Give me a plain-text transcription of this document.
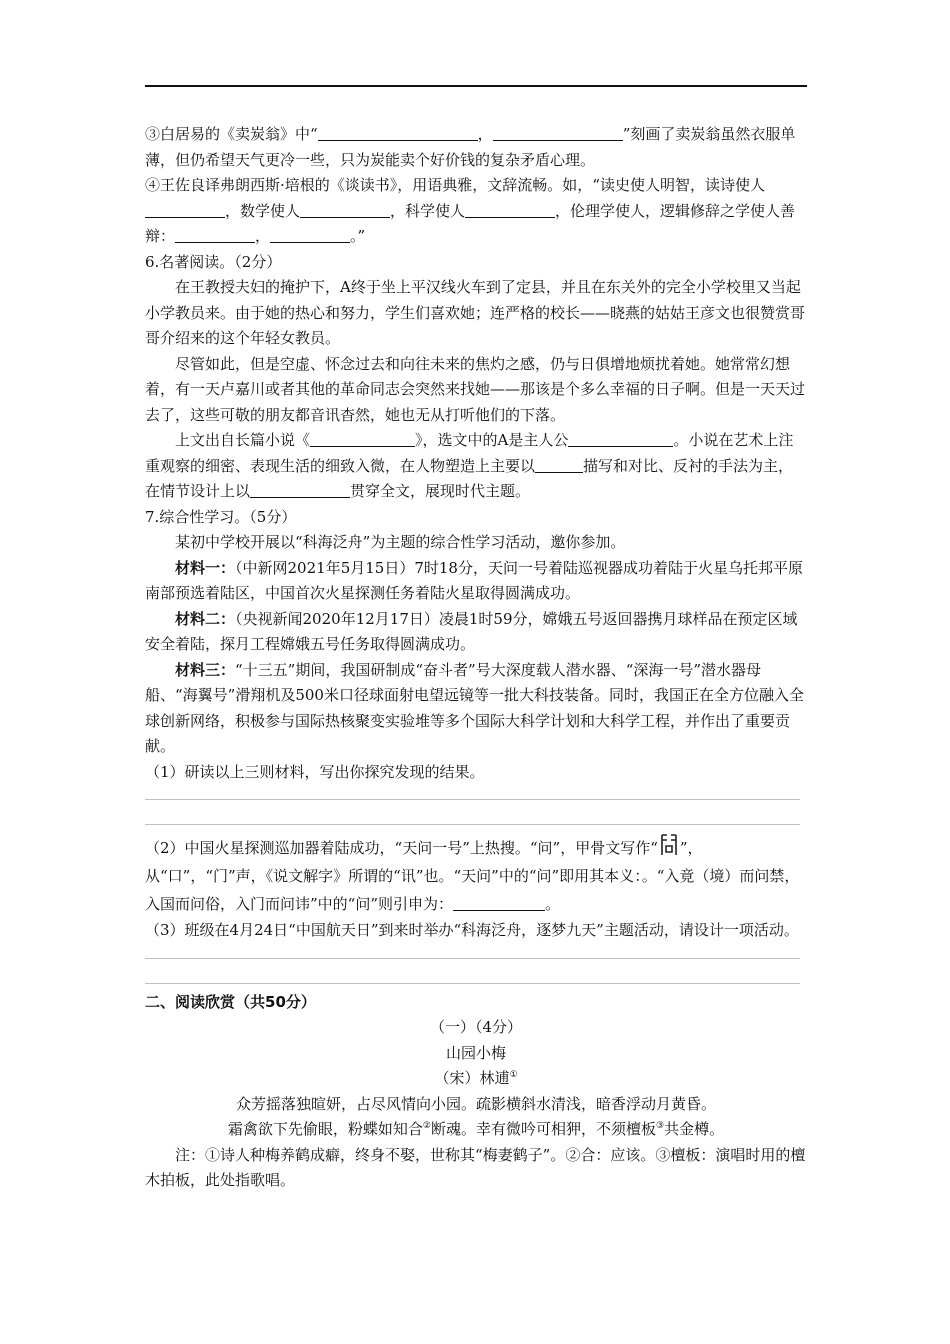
③白居易的《卖炭翁》中“	，	”刻画了卖炭翁虽然衣服单薄，但仍希望天气更冷一些，只为炭能卖个好价钱的复杂矛盾心理。

④王佐良译弗朗西斯·培根的《谈读书》，用语典雅，文辞流畅。如，“读史使人明智，读诗使人，数学使人	，科学使人	，伦理学使人，逻辑修辞之学使人善辩：	，	。”

6.名著阅读。（2分）

在王教授夫妇的掩护下，A终于坐上平汉线火车到了定县，并且在东关外的完全小学校里又当起小学教员来。由于她的热心和努力，学生们喜欢她；连严格的校长——晓燕的姑姑王彦文也很赞赏哥哥介绍来的这个年轻女教员。

尽管如此，但是空虚、怀念过去和向往未来的焦灼之感，仍与日俱增地烦扰着她。她常常幻想着，有一天卢嘉川或者其他的革命同志会突然来找她——那该是个多么幸福的日子啊。但是一天天过去了，这些可敬的朋友都音讯杳然，她也无从打听他们的下落。

上文出自长篇小说《	》，选文中的A是主人公	。小说在艺术上注重观察的细密、表现生活的细致入微，在人物塑造上主要以	描写和对比、反衬的手法为主，在情节设计上以	贯穿全文，展现时代主题。

7.综合性学习。（5分）

某初中学校开展以“科海泛舟”为主题的综合性学习活动，邀你参加。

材料一：（中新网2021年5月15日）7时18分，天问一号着陆巡视器成功着陆于火星乌托邦平原南部预选着陆区，中国首次火星探测任务着陆火星取得圆满成功。

材料二：（央视新闻2020年12月17日）凌晨1时59分，嫦娥五号返回器携月球样品在预定区域安全着陆，探月工程嫦娥五号任务取得圆满成功。

材料三：“十三五”期间，我国研制成“奋斗者”号大深度载人潜水器、“深海一号”潜水器母船、“海翼号”滑翔机及500米口径球面射电望远镜等一批大科技装备。同时，我国正在全方位融入全球创新网络，积极参与国际热核聚变实验堆等多个国际大科学计划和大科学工程，并作出了重要贡献。

（1）研读以上三则材料，写出你探究发现的结果。

（2）中国火星探测巡加器着陆成功，“天问一号”上热搜。“问”，甲骨文写作“ ”，从“口”，“门”声，《说文解字》所谓的“讯”也。“天问”中的“问”即用其本义：。“入竟（境）而问禁，入国而问俗，入门而问讳”中的“问”则引申为：	。

（3）班级在4月24日“中国航天日”到来时举办“科海泛舟，逐梦九天”主题活动，请设计一项活动。

二、阅读欣赏（共50分）

（一）（4分）

山园小梅

（宋）林逋①

众芳摇落独暄妍，占尽风情向小园。疏影横斜水清浅，暗香浮动月黄昏。

霜禽欲下先偷眼，粉蝶如知合②断魂。幸有微吟可相狎，不须檀板③共金樽。

注：①诗人种梅养鹤成癖，终身不娶，世称其“梅妻鹤子”。②合：应该。③檀板：演唱时用的檀木拍板，此处指歌唱。
